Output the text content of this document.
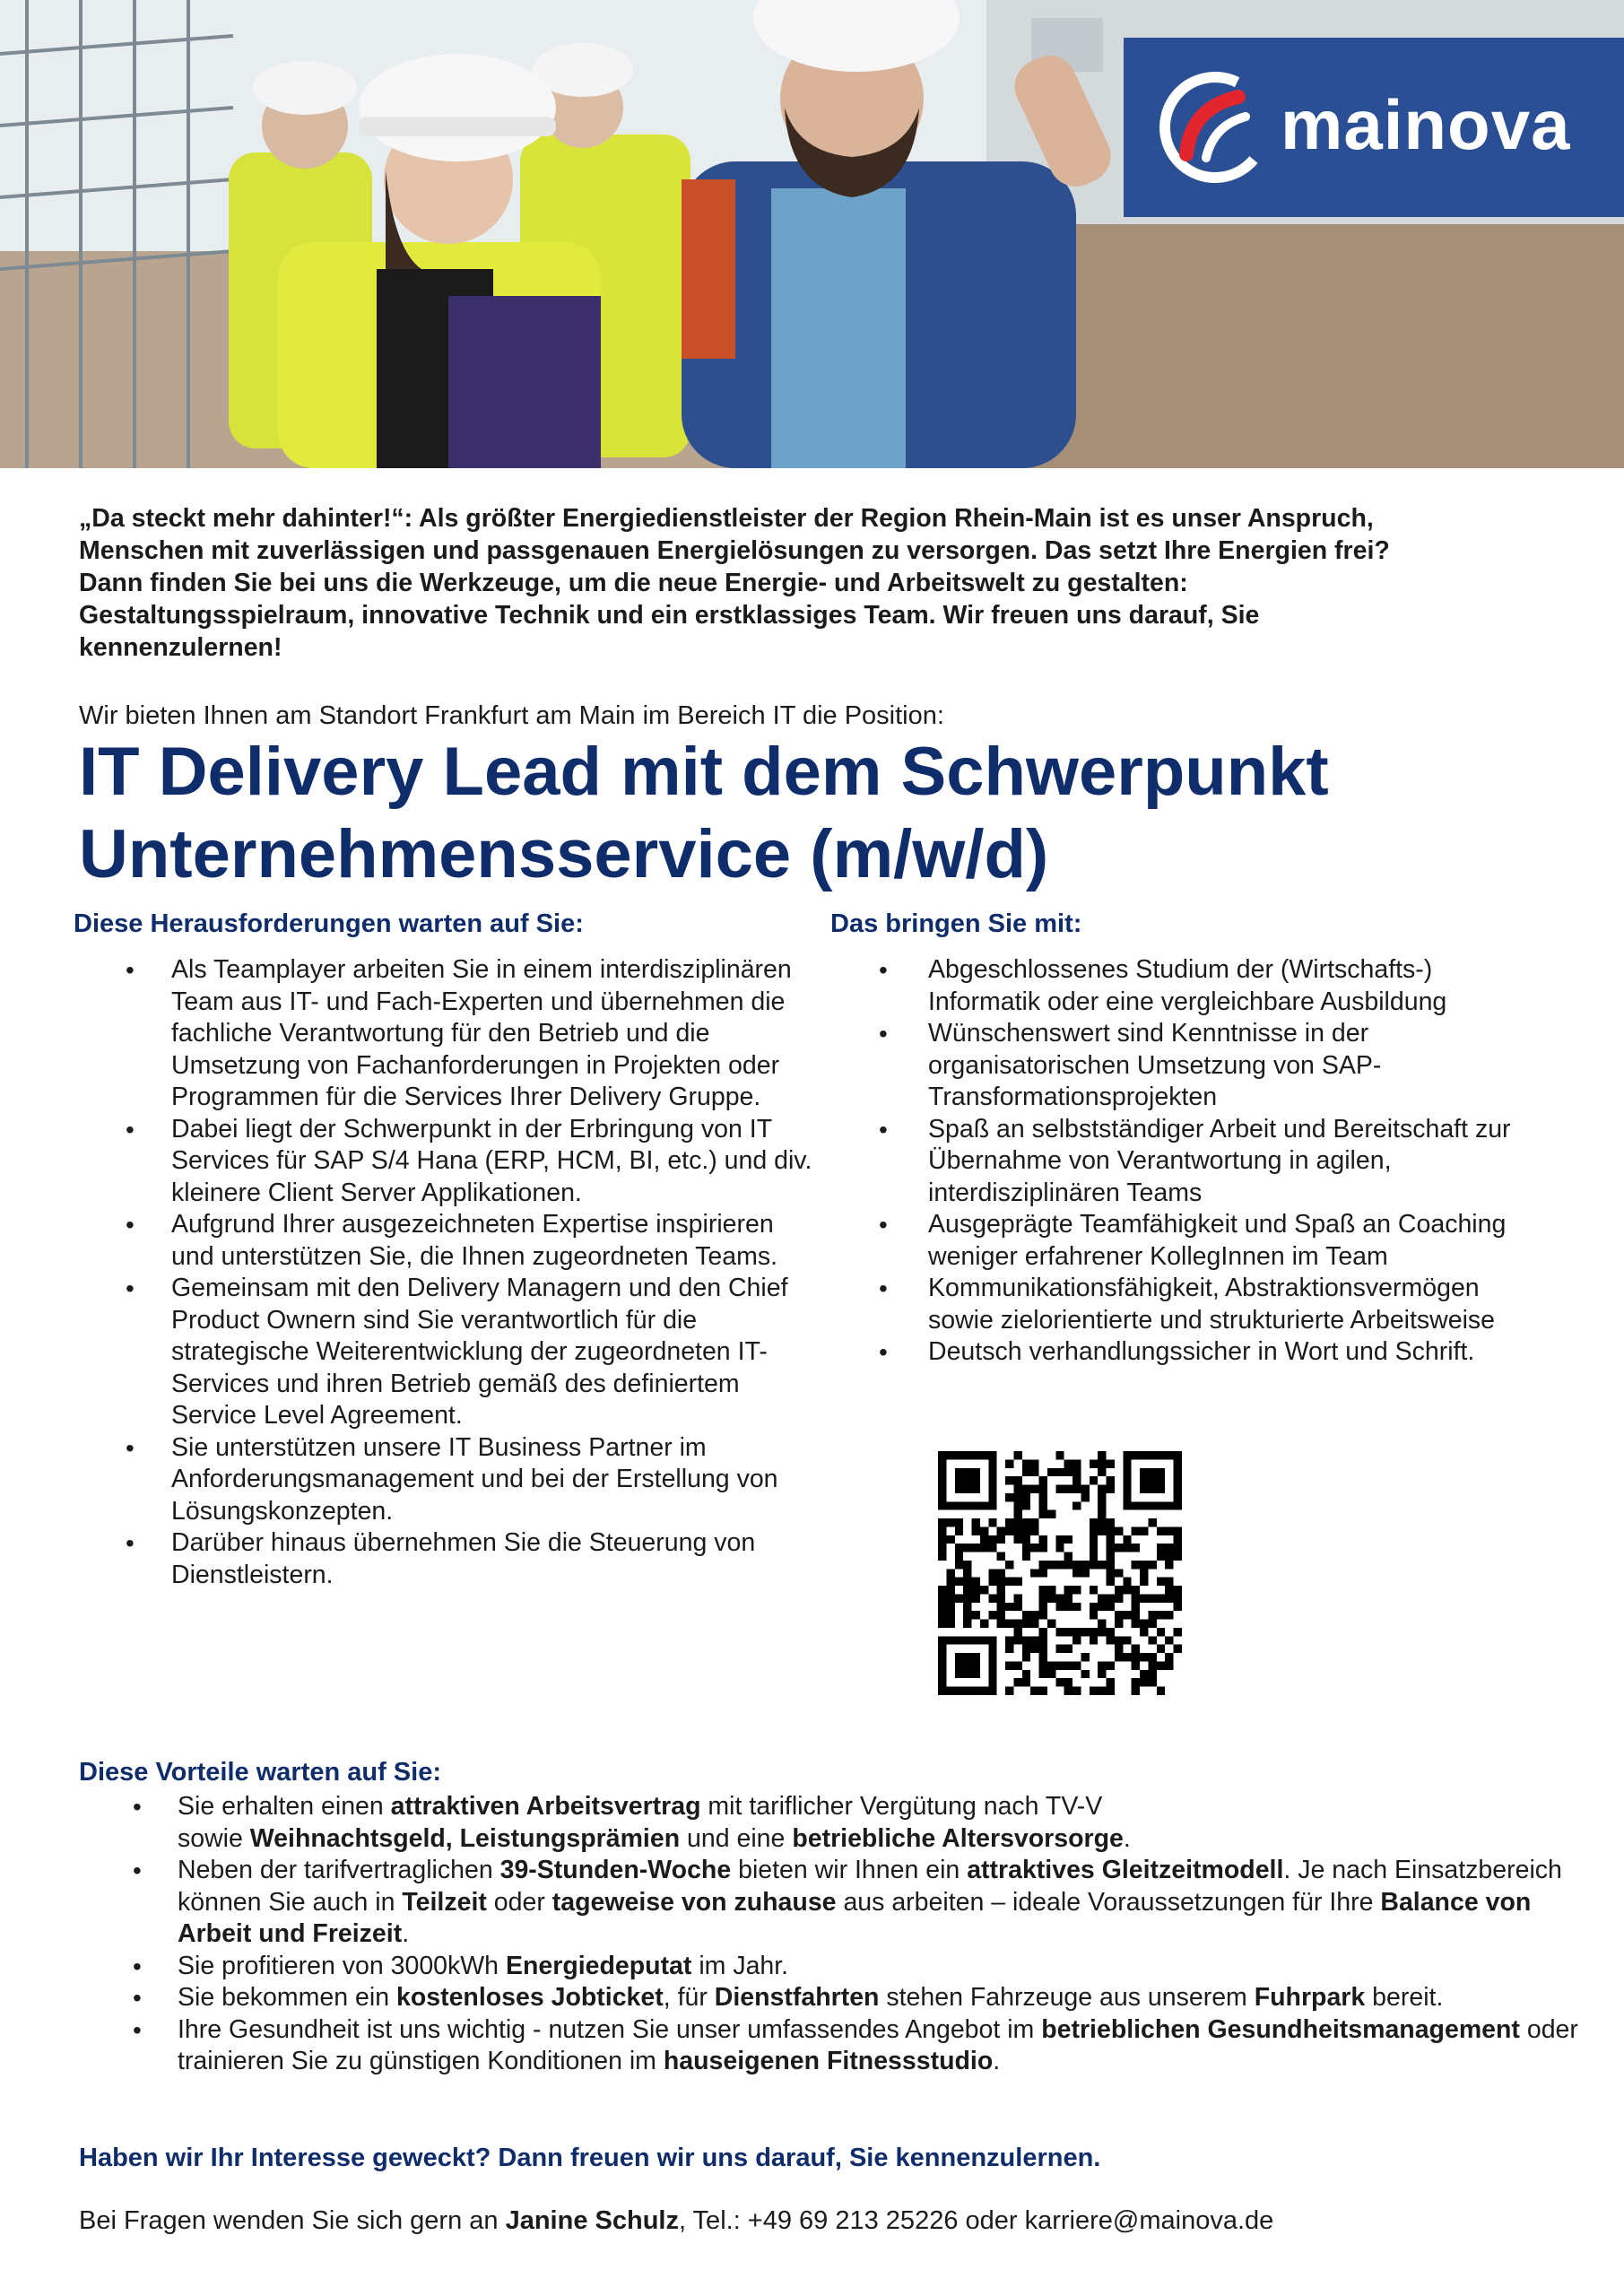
mainova
„Da steckt mehr dahinter!“: Als größter Energiedienstleister der Region Rhein-Main ist es unser Anspruch, Menschen mit zuverlässigen und passgenauen Energielösungen zu versorgen. Das setzt Ihre Energien frei? Dann finden Sie bei uns die Werkzeuge, um die neue Energie- und Arbeitswelt zu gestalten: Gestaltungsspielraum, innovative Technik und ein erstklassiges Team. Wir freuen uns darauf, Sie kennenzulernen!
Wir bieten Ihnen am Standort Frankfurt am Main im Bereich IT die Position:
IT Delivery Lead mit dem Schwerpunkt
Unternehmensservice (m/w/d)
Diese Herausforderungen warten auf Sie:
• Als Teamplayer arbeiten Sie in einem interdisziplinären Team aus IT- und Fach-Experten und übernehmen die fachliche Verantwortung für den Betrieb und die Umsetzung von Fachanforderungen in Projekten oder Programmen für die Services Ihrer Delivery Gruppe.
• Dabei liegt der Schwerpunkt in der Erbringung von IT Services für SAP S/4 Hana (ERP, HCM, BI, etc.) und div. kleinere Client Server Applikationen.
• Aufgrund Ihrer ausgezeichneten Expertise inspirieren und unterstützen Sie, die Ihnen zugeordneten Teams.
• Gemeinsam mit den Delivery Managern und den Chief Product Ownern sind Sie verantwortlich für die strategische Weiterentwicklung der zugeordneten IT-Services und ihren Betrieb gemäß des definiertem Service Level Agreement.
• Sie unterstützen unsere IT Business Partner im Anforderungsmanagement und bei der Erstellung von Lösungskonzepten.
• Darüber hinaus übernehmen Sie die Steuerung von Dienstleistern.
Das bringen Sie mit:
• Abgeschlossenes Studium der (Wirtschafts-) Informatik oder eine vergleichbare Ausbildung
• Wünschenswert sind Kenntnisse in der organisatorischen Umsetzung von SAP-Transformationsprojekten
• Spaß an selbstständiger Arbeit und Bereitschaft zur Übernahme von Verantwortung in agilen, interdisziplinären Teams
• Ausgeprägte Teamfähigkeit und Spaß an Coaching weniger erfahrener KollegInnen im Team
• Kommunikationsfähigkeit, Abstraktionsvermögen sowie zielorientierte und strukturierte Arbeitsweise
• Deutsch verhandlungssicher in Wort und Schrift.
Diese Vorteile warten auf Sie:
• Sie erhalten einen attraktiven Arbeitsvertrag mit tariflicher Vergütung nach TV-V
sowie Weihnachtsgeld, Leistungsprämien und eine betriebliche Altersvorsorge.
• Neben der tarifvertraglichen 39-Stunden-Woche bieten wir Ihnen ein attraktives Gleitzeitmodell. Je nach Einsatzbereich können Sie auch in Teilzeit oder tageweise von zuhause aus arbeiten – ideale Voraussetzungen für Ihre Balance von Arbeit und Freizeit.
• Sie profitieren von 3000kWh Energiedeputat im Jahr.
• Sie bekommen ein kostenloses Jobticket, für Dienstfahrten stehen Fahrzeuge aus unserem Fuhrpark bereit.
• Ihre Gesundheit ist uns wichtig - nutzen Sie unser umfassendes Angebot im betrieblichen Gesundheitsmanagement oder trainieren Sie zu günstigen Konditionen im hauseigenen Fitnessstudio.
Haben wir Ihr Interesse geweckt? Dann freuen wir uns darauf, Sie kennenzulernen.
Bei Fragen wenden Sie sich gern an Janine Schulz, Tel.: +49 69 213 25226 oder karriere@mainova.de
